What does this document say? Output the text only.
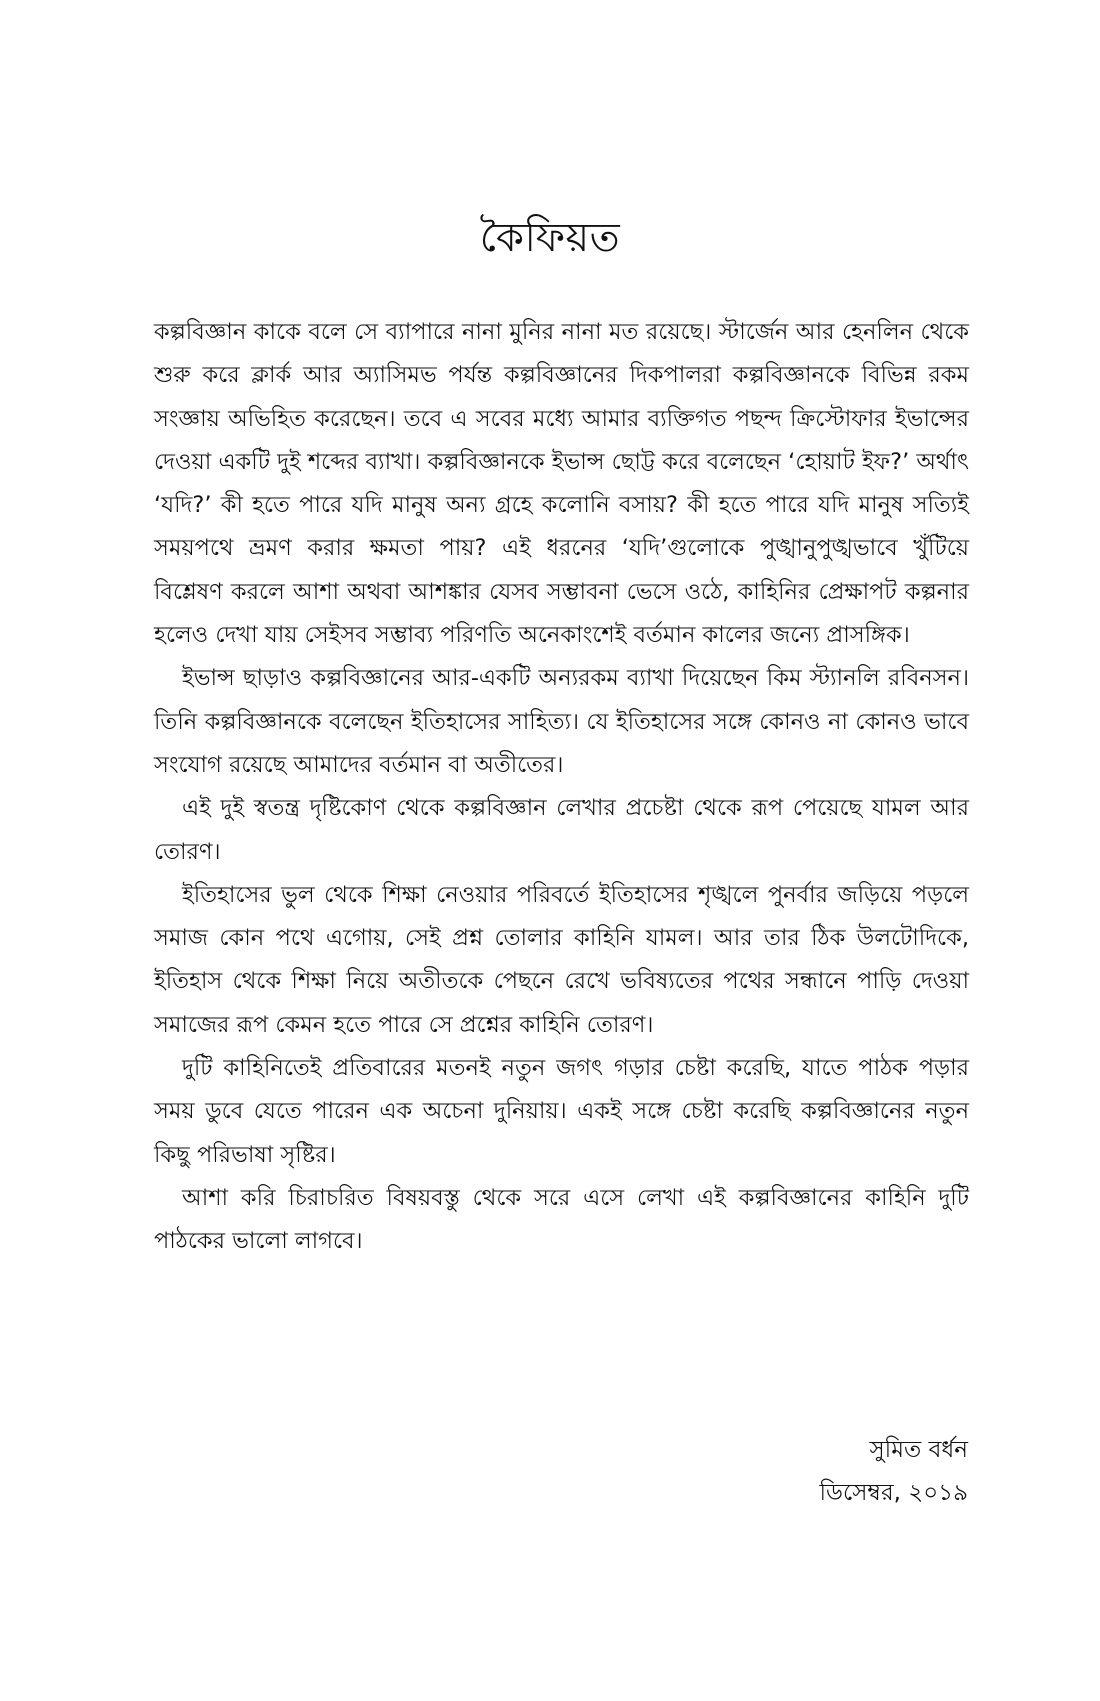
কৈফিয়ত

কল্পবিজ্ঞান কাকে বলে সে ব্যাপারে নানা মুনির নানা মত রয়েছে। স্টার্জেন আর হেনলিন থেকে শুরু করে ক্লার্ক আর অ্যাসিমভ পর্যন্ত কল্পবিজ্ঞানের দিকপালরা কল্পবিজ্ঞানকে বিভিন্ন রকম সংজ্ঞায় অভিহিত করেছেন। তবে এ সবের মধ্যে আমার ব্যক্তিগত পছন্দ ক্রিস্টোফার ইভান্সের দেওয়া একটি দুই শব্দের ব্যাখা। কল্পবিজ্ঞানকে ইভান্স ছোট্ট করে বলেছেন ‘হোয়াট ইফ?’ অর্থাৎ ‘যদি?’ কী হতে পারে যদি মানুষ অন্য গ্রহে কলোনি বসায়? কী হতে পারে যদি মানুষ সত্যিই সময়পথে ভ্রমণ করার ক্ষমতা পায়? এই ধরনের ‘যদি’গুলোকে পুঙ্খানুপুঙ্খভাবে খুঁটিয়ে বিশ্লেষণ করলে আশা অথবা আশঙ্কার যেসব সম্ভাবনা ভেসে ওঠে, কাহিনির প্রেক্ষাপট কল্পনার হলেও দেখা যায় সেইসব সম্ভাব্য পরিণতি অনেকাংশেই বর্তমান কালের জন্যে প্রাসঙ্গিক।

ইভান্স ছাড়াও কল্পবিজ্ঞানের আর-একটি অন্যরকম ব্যাখা দিয়েছেন কিম স্ট্যানলি রবিনসন। তিনি কল্পবিজ্ঞানকে বলেছেন ইতিহাসের সাহিত্য। যে ইতিহাসের সঙ্গে কোনও না কোনও ভাবে সংযোগ রয়েছে আমাদের বর্তমান বা অতীতের।

এই দুই স্বতন্ত্র দৃষ্টিকোণ থেকে কল্পবিজ্ঞান লেখার প্রচেষ্টা থেকে রূপ পেয়েছে যামল আর তোরণ।

ইতিহাসের ভুল থেকে শিক্ষা নেওয়ার পরিবর্তে ইতিহাসের শৃঙ্খলে পুনর্বার জড়িয়ে পড়লে সমাজ কোন পথে এগোয়, সেই প্রশ্ন তোলার কাহিনি যামল। আর তার ঠিক উলটোদিকে, ইতিহাস থেকে শিক্ষা নিয়ে অতীতকে পেছনে রেখে ভবিষ্যতের পথের সন্ধানে পাড়ি দেওয়া সমাজের রূপ কেমন হতে পারে সে প্রশ্নের কাহিনি তোরণ।

দুটি কাহিনিতেই প্রতিবারের মতনই নতুন জগৎ গড়ার চেষ্টা করেছি, যাতে পাঠক পড়ার সময় ডুবে যেতে পারেন এক অচেনা দুনিয়ায়। একই সঙ্গে চেষ্টা করেছি কল্পবিজ্ঞানের নতুন কিছু পরিভাষা সৃষ্টির।

আশা করি চিরাচরিত বিষয়বস্তু থেকে সরে এসে লেখা এই কল্পবিজ্ঞানের কাহিনি দুটি পাঠকের ভালো লাগবে।

সুমিত বর্ধন
ডিসেম্বর, ২০১৯
